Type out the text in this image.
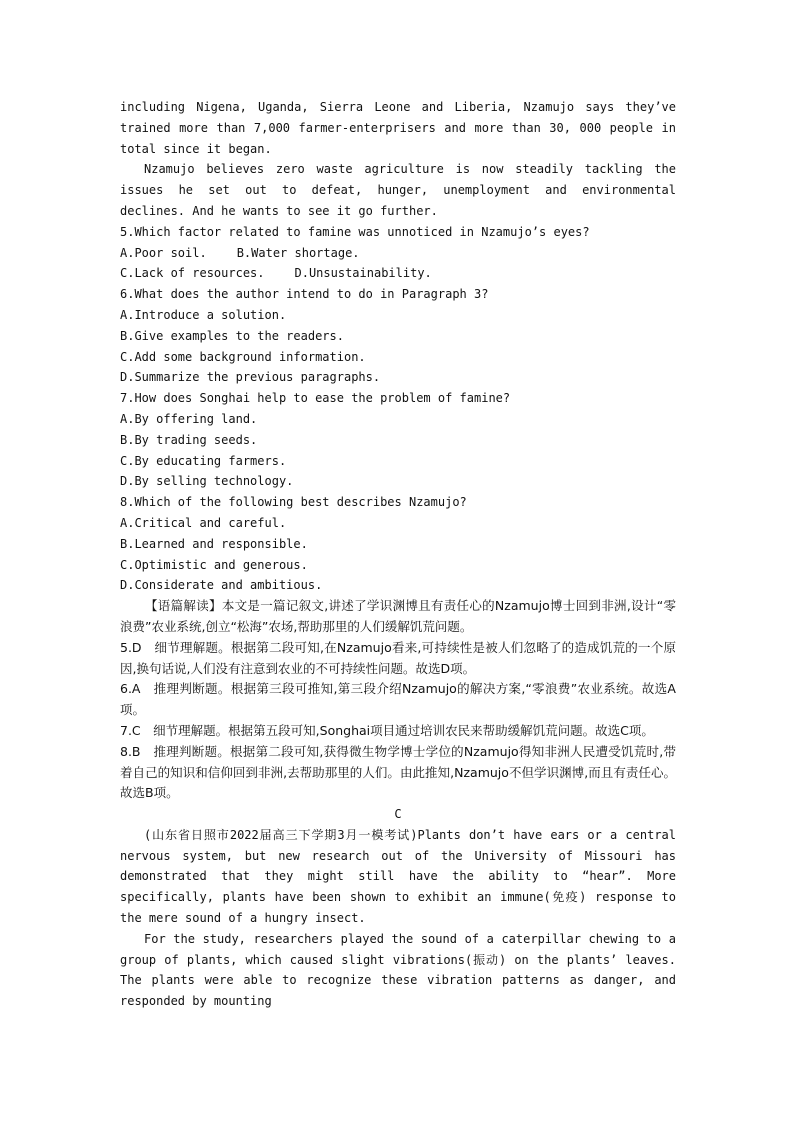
including Nigena, Uganda, Sierra Leone and Liberia, Nzamujo says they’ve trained more than 7,000 farmer-enterprisers and more than 30, 000 people in total since it began.

Nzamujo believes zero waste agriculture is now steadily tackling the issues he set out to defeat, hunger, unemployment and environmental declines. And he wants to see it go further.

5.Which factor related to famine was unnoticed in Nzamujo’s eyes?

A.Poor soil.	B.Water shortage.
C.Lack of resources.	D.Unsustainability.

6.What does the author intend to do in Paragraph 3?

A.Introduce a solution.

B.Give examples to the readers.

C.Add some background information.

D.Summarize the previous paragraphs.

7.How does Songhai help to ease the problem of famine?

A.By offering land.

B.By trading seeds.

C.By educating farmers.

D.By selling technology.

8.Which of the following best describes Nzamujo?

A.Critical and careful.

B.Learned and responsible.

C.Optimistic and generous.

D.Considerate and ambitious.

【语篇解读】本文是一篇记叙文,讲述了学识渊博且有责任心的Nzamujo博士回到非洲,设计“零浪费”农业系统,创立“松海”农场,帮助那里的人们缓解饥荒问题。

5.D　细节理解题。根据第二段可知,在Nzamujo看来,可持续性是被人们忽略了的造成饥荒的一个原因,换句话说,人们没有注意到农业的不可持续性问题。故选D项。

6.A　推理判断题。根据第三段可推知,第三段介绍Nzamujo的解决方案,“零浪费”农业系统。故选A项。

7.C　细节理解题。根据第五段可知,Songhai项目通过培训农民来帮助缓解饥荒问题。故选C项。

8.B　推理判断题。根据第二段可知,获得微生物学博士学位的Nzamujo得知非洲人民遭受饥荒时,带着自己的知识和信仰回到非洲,去帮助那里的人们。由此推知,Nzamujo不但学识渊博,而且有责任心。故选B项。

C

(山东省日照市2022届高三下学期3月一模考试)Plants don’t have ears or a central nervous system, but new research out of the University of Missouri has demonstrated that they might still have the ability to “hear”. More specifically, plants have been shown to exhibit an immune(免疫) response to the mere sound of a hungry insect.

For the study, researchers played the sound of a caterpillar chewing to a group of plants, which caused slight vibrations(振动) on the plants’ leaves. The plants were able to recognize these vibration patterns as danger, and responded by mounting
